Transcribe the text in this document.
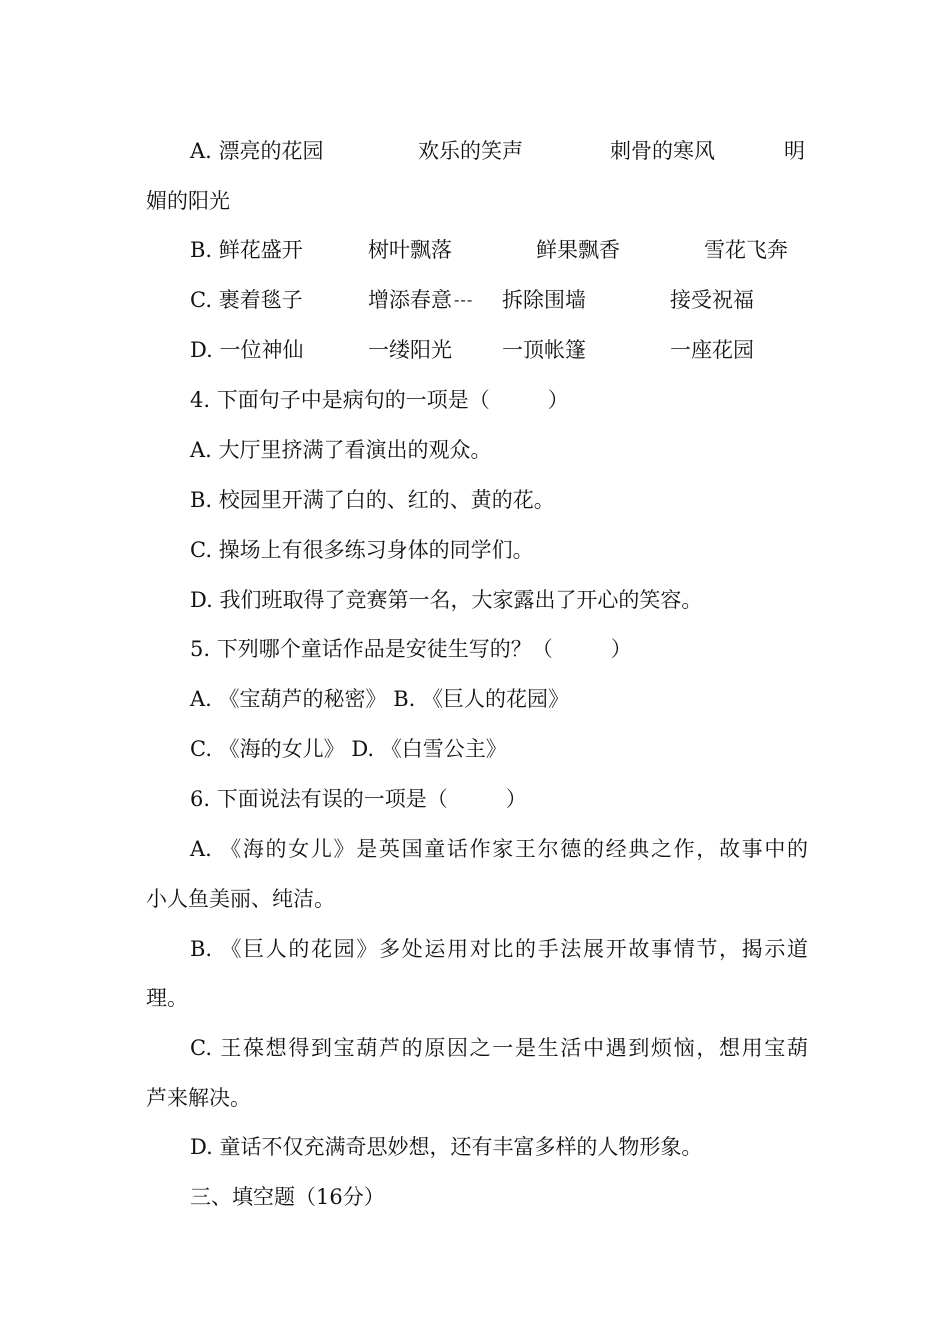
A. 漂亮的花园	欢乐的笑声	刺骨的寒风	明
媚的阳光
B. 鲜花盛开	树叶飘落	鲜果飘香	雪花飞奔
C. 裹着毯子	增添春意 --- 拆除围墙	接受祝福
D. 一位神仙	一缕阳光 一顶帐篷	一座花园
4. 下面句子中是病句的一项是（	）
A. 大厅里挤满了看演出的观众。
B. 校园里开满了白的、红的、黄的花。
C. 操场上有很多练习身体的同学们。
D. 我们班取得了竞赛第一名，大家露出了开心的笑容。
5. 下列哪个童话作品是安徒生写的？（	）
A. 《宝葫芦的秘密》 B. 《巨人的花园》
C. 《海的女儿》 D. 《白雪公主》
6. 下面说法有误的一项是（	）
A. 《海的女儿》是英国童话作家王尔德的经典之作，故事中的
小人鱼美丽、纯洁。
B. 《巨人的花园》多处运用对比的手法展开故事情节，揭示道
理。
C. 王葆想得到宝葫芦的原因之一是生活中遇到烦恼，想用宝葫
芦来解决。
D. 童话不仅充满奇思妙想，还有丰富多样的人物形象。
三、填空题（16分）
